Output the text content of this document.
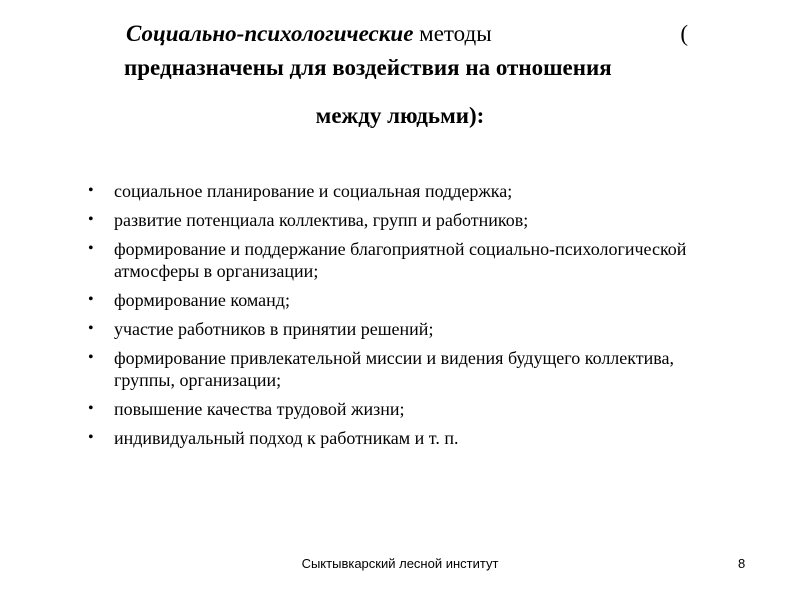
Социально-психологические методы	(
предназначены для воздействия на отношения
между людьми):
• социальное планирование и социальная поддержка;
• развитие потенциала коллектива, групп и работников;
• формирование и поддержание благоприятной социально-психологической атмосферы в организации;
• формирование команд;
• участие работников в принятии решений;
• формирование привлекательной миссии и видения будущего коллектива, группы, организации;
• повышение качества трудовой жизни;
• индивидуальный подход к работникам и т. п.
Сыктывкарский лесной институт	8
